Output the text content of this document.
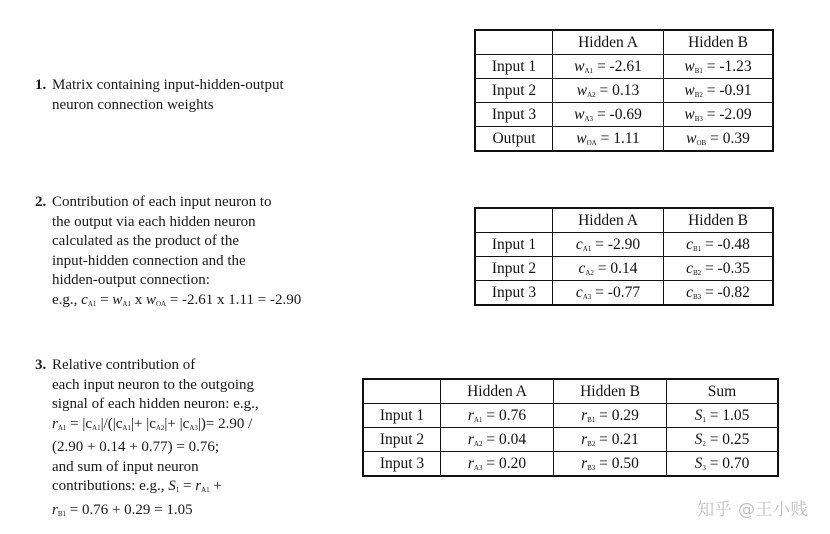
1. Matrix containing input-hidden-output
neuron connection weights
	Hidden A	Hidden B
Input 1	$w_{A1} = -2.61$	$w_{B1} = -1.23$
Input 2	$w_{A2} = 0.13$	$w_{B2} = -0.91$
Input 3	$w_{A3} = -0.69$	$w_{B3} = -2.09$
Output	$w_{OA} = 1.11$	$w_{OB} = 0.39$
2. Contribution of each input neuron to
the output via each hidden neuron
calculated as the product of the
input-hidden connection and the
hidden-output connection:
e.g., $c_{A1} = w_{A1}$ x $w_{OA} = -2.61$ x 1.11 = -2.90
	Hidden A	Hidden B
Input 1	$c_{A1} = -2.90$	$c_{B1} = -0.48$
Input 2	$c_{A2} = 0.14$	$c_{B2} = -0.35$
Input 3	$c_{A3} = -0.77$	$c_{B3} = -0.82$
3. Relative contribution of
each input neuron to the outgoing
signal of each hidden neuron: e.g.,
$r_{A1} = |c_{A1}|/(|c_{A1}|+ |c_{A2}|+ |c_{A3}|)= 2.90$ /
(2.90 + 0.14 + 0.77) = 0.76;
and sum of input neuron
contributions: e.g., $S_1 = r_{A1}$ +
$r_{B1} = 0.76 + 0.29 = 1.05$
	Hidden A	Hidden B	Sum
Input 1	$r_{A1} = 0.76$	$r_{B1} = 0.29$	$S_1 = 1.05$
Input 2	$r_{A2} = 0.04$	$r_{B2} = 0.21$	$S_2 = 0.25$
Input 3	$r_{A3} = 0.20$	$r_{B3} = 0.50$	$S_3 = 0.70$
知乎 @王小贱
